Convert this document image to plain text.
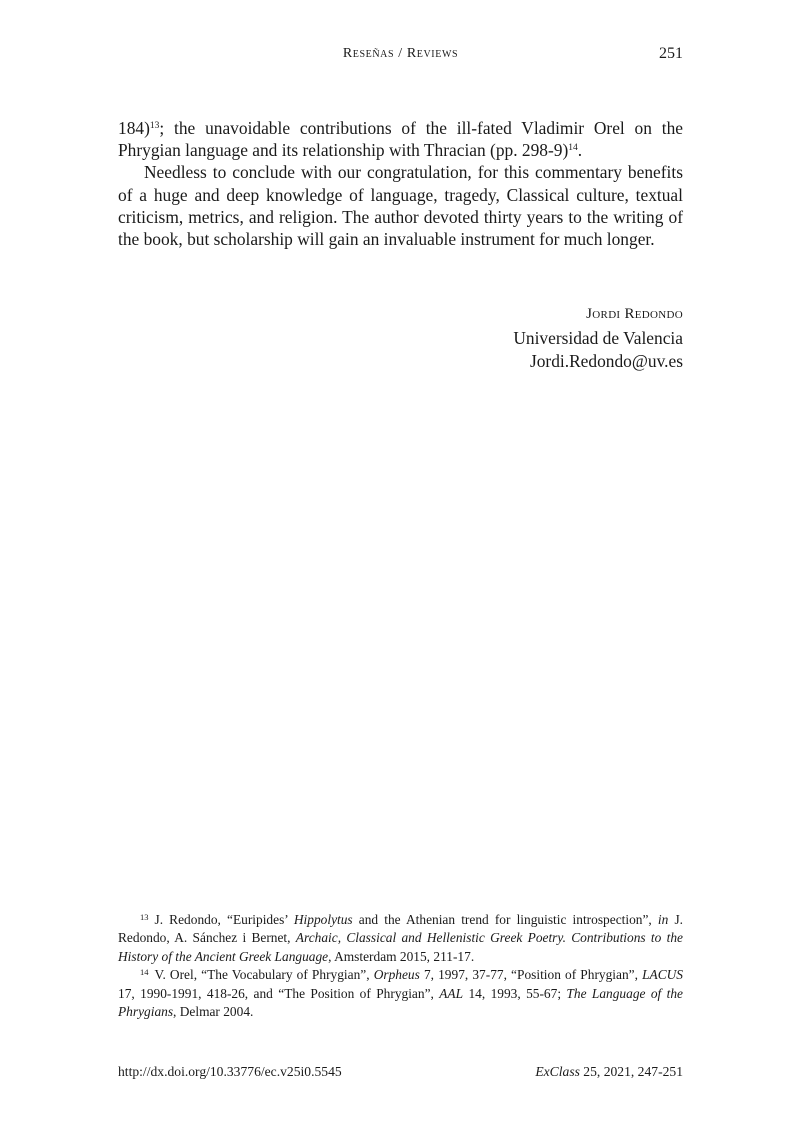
Reseñas / Reviews	251

184)$^{13}$; the unavoidable contributions of the ill-fated Vladimir Orel on the Phrygian language and its relationship with Thracian (pp. 298-9)$^{14}$.

Needless to conclude with our congratulation, for this commentary benefits of a huge and deep knowledge of language, tragedy, Classical culture, textual criticism, metrics, and religion. The author devoted thirty years to the writing of the book, but scholarship will gain an invaluable instrument for much longer.

Jordi Redondo
Universidad de Valencia
Jordi.Redondo@uv.es

$^{13}$ J. Redondo, “Euripides’ Hippolytus and the Athenian trend for linguistic introspection”, in J. Redondo, A. Sánchez i Bernet, Archaic, Classical and Hellenistic Greek Poetry. Contributions to the History of the Ancient Greek Language, Amsterdam 2015, 211-17.

$^{14}$ V. Orel, “The Vocabulary of Phrygian”, Orpheus 7, 1997, 37-77, “Position of Phrygian”, LACUS 17, 1990-1991, 418-26, and “The Position of Phrygian”, AAL 14, 1993, 55-67; The Language of the Phrygians, Delmar 2004.

http://dx.doi.org/10.33776/ec.v25i0.5545	ExClass 25, 2021, 247-251
